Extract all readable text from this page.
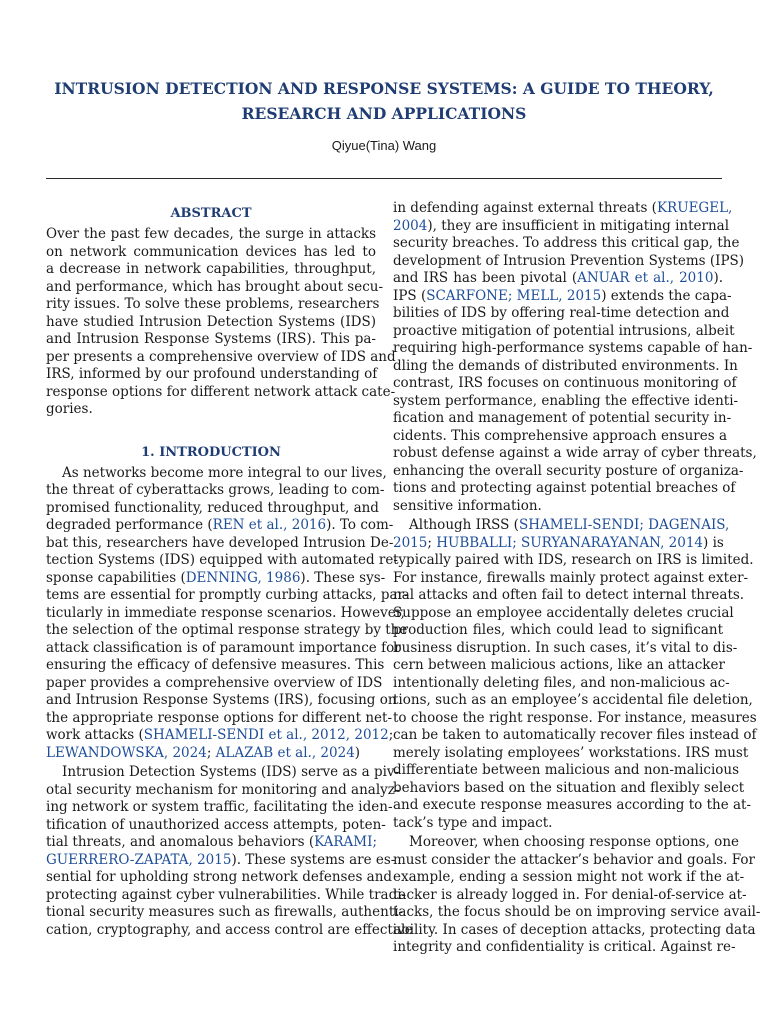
INTRUSION DETECTION AND RESPONSE SYSTEMS: A GUIDE TO THEORY,
RESEARCH AND APPLICATIONS
Qiyue(Tina) Wang
ABSTRACT
Over the past few decades, the surge in attacks
on network communication devices has led to
a decrease in network capabilities, throughput,
and performance, which has brought about secu-
rity issues. To solve these problems, researchers
have studied Intrusion Detection Systems (IDS)
and Intrusion Response Systems (IRS). This pa-
per presents a comprehensive overview of IDS and
IRS, informed by our profound understanding of
response options for different network attack cate-
gories.
1. INTRODUCTION
As networks become more integral to our lives,
the threat of cyberattacks grows, leading to com-
promised functionality, reduced throughput, and
degraded performance (REN et al., 2016). To com-
bat this, researchers have developed Intrusion De-
tection Systems (IDS) equipped with automated re-
sponse capabilities (DENNING, 1986). These sys-
tems are essential for promptly curbing attacks, par-
ticularly in immediate response scenarios. However,
the selection of the optimal response strategy by the
attack classification is of paramount importance for
ensuring the efficacy of defensive measures. This
paper provides a comprehensive overview of IDS
and Intrusion Response Systems (IRS), focusing on
the appropriate response options for different net-
work attacks (SHAMELI-SENDI et al., 2012, 2012;
LEWANDOWSKA, 2024; ALAZAB et al., 2024)
Intrusion Detection Systems (IDS) serve as a piv-
otal security mechanism for monitoring and analyz-
ing network or system traffic, facilitating the iden-
tification of unauthorized access attempts, poten-
tial threats, and anomalous behaviors (KARAMI;
GUERRERO-ZAPATA, 2015). These systems are es-
sential for upholding strong network defenses and
protecting against cyber vulnerabilities. While tradi-
tional security measures such as firewalls, authenti-
cation, cryptography, and access control are effective
in defending against external threats (KRUEGEL,
2004), they are insufficient in mitigating internal
security breaches. To address this critical gap, the
development of Intrusion Prevention Systems (IPS)
and IRS has been pivotal (ANUAR et al., 2010).
IPS (SCARFONE; MELL, 2015) extends the capa-
bilities of IDS by offering real-time detection and
proactive mitigation of potential intrusions, albeit
requiring high-performance systems capable of han-
dling the demands of distributed environments. In
contrast, IRS focuses on continuous monitoring of
system performance, enabling the effective identi-
fication and management of potential security in-
cidents. This comprehensive approach ensures a
robust defense against a wide array of cyber threats,
enhancing the overall security posture of organiza-
tions and protecting against potential breaches of
sensitive information.
Although IRSS (SHAMELI-SENDI; DAGENAIS,
2015; HUBBALLI; SURYANARAYANAN, 2014) is
typically paired with IDS, research on IRS is limited.
For instance, firewalls mainly protect against exter-
nal attacks and often fail to detect internal threats.
Suppose an employee accidentally deletes crucial
production files, which could lead to significant
business disruption. In such cases, it’s vital to dis-
cern between malicious actions, like an attacker
intentionally deleting files, and non-malicious ac-
tions, such as an employee’s accidental file deletion,
to choose the right response. For instance, measures
can be taken to automatically recover files instead of
merely isolating employees’ workstations. IRS must
differentiate between malicious and non-malicious
behaviors based on the situation and flexibly select
and execute response measures according to the at-
tack’s type and impact.
Moreover, when choosing response options, one
must consider the attacker’s behavior and goals. For
example, ending a session might not work if the at-
tacker is already logged in. For denial-of-service at-
tacks, the focus should be on improving service avail-
ability. In cases of deception attacks, protecting data
integrity and confidentiality is critical. Against re-
